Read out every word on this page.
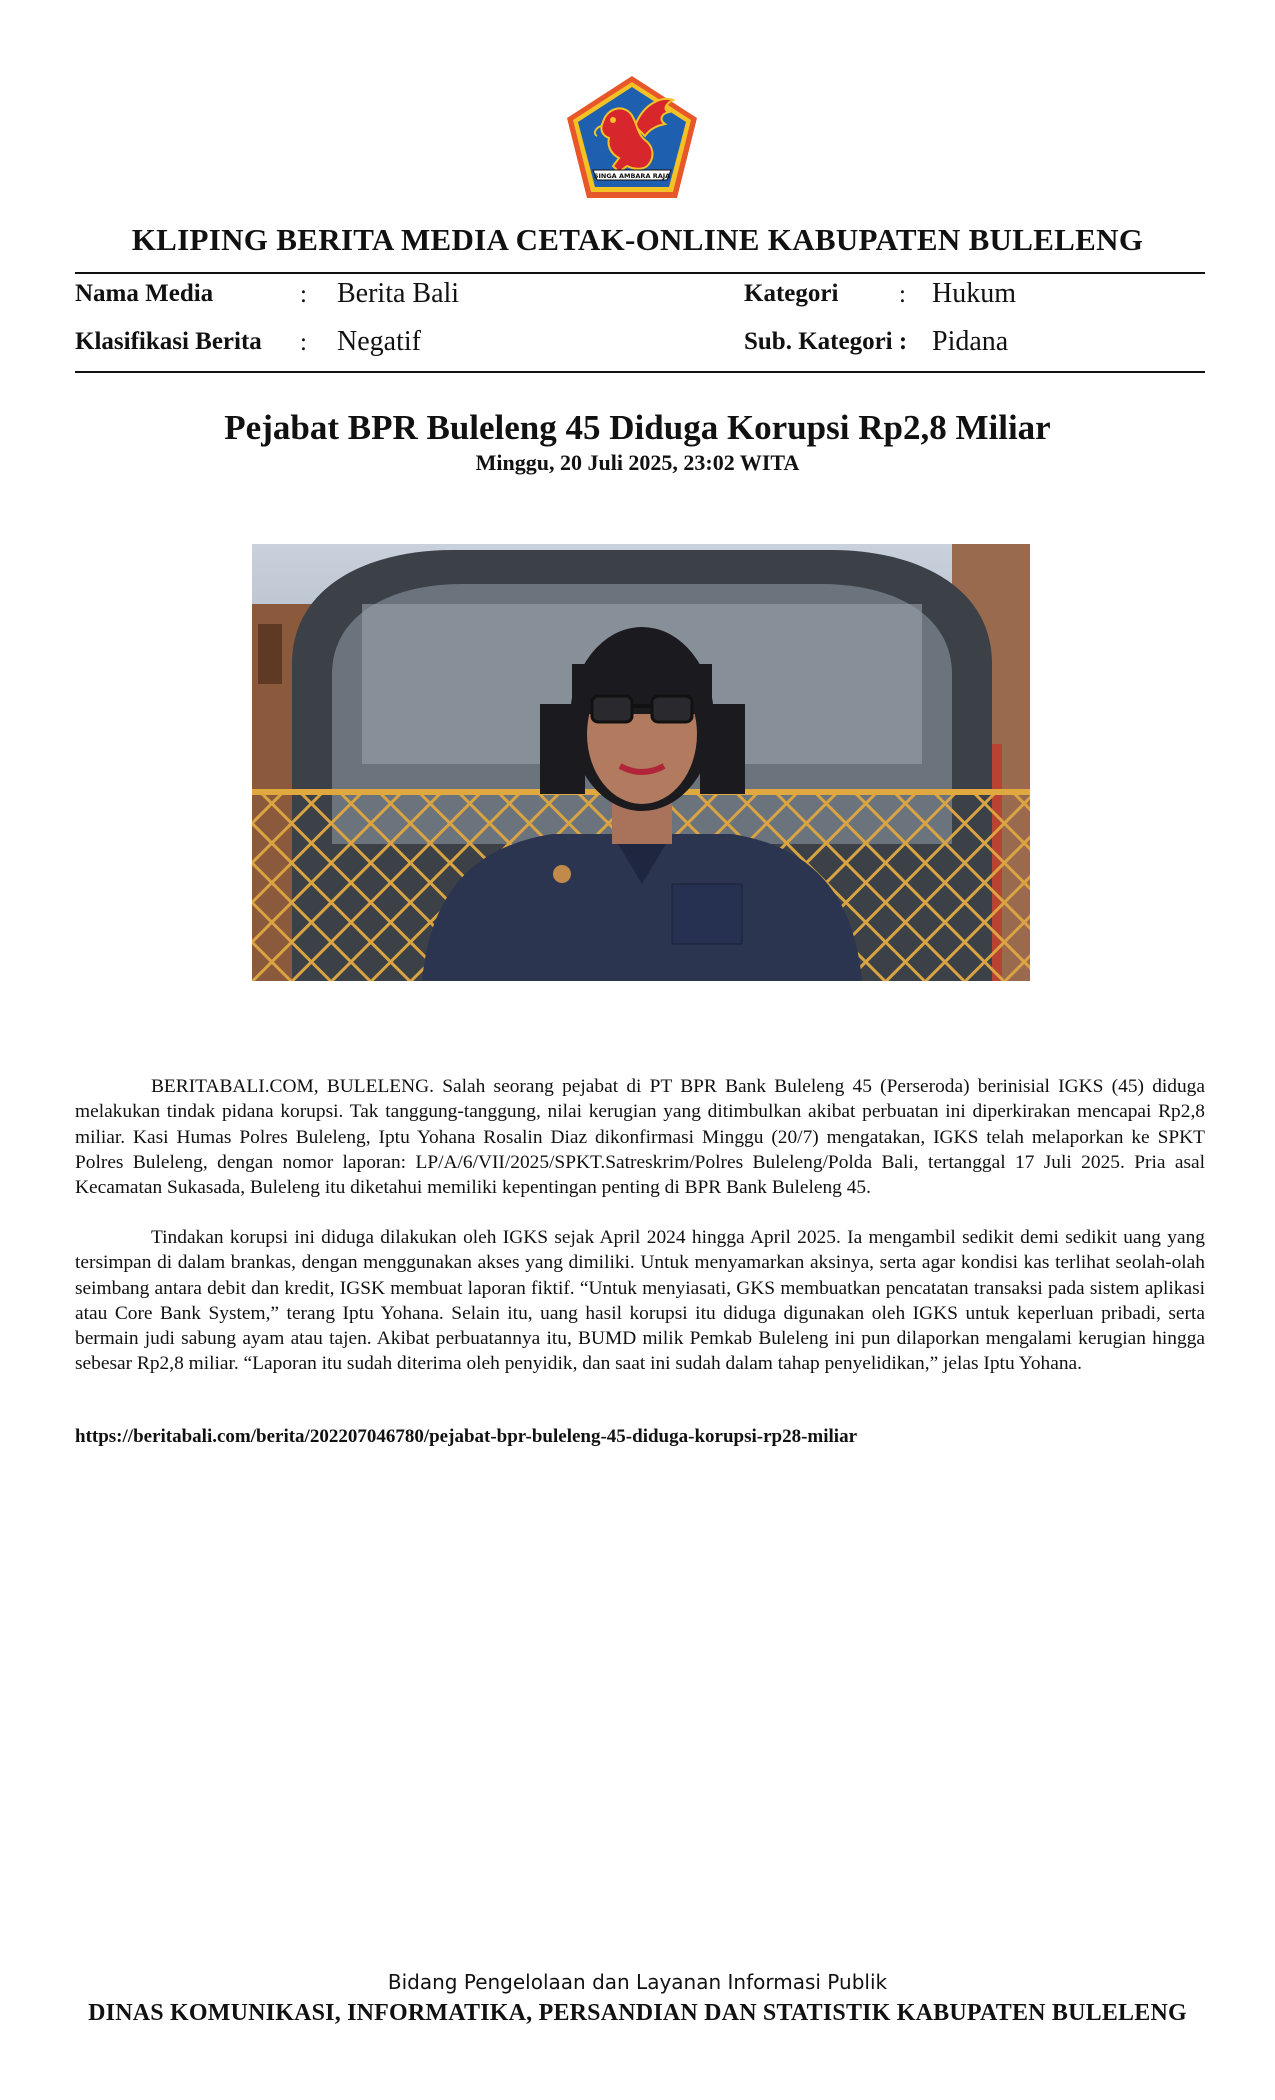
SINGA AMBARA RAJA
KLIPING BERITA MEDIA CETAK-ONLINE KABUPATEN BULELENG
Nama Media	: Berita Bali
Klasifikasi Berita : Negatif
Kategori : Hukum
Sub. Kategori : Pidana
Pejabat BPR Buleleng 45 Diduga Korupsi Rp2,8 Miliar
Minggu, 20 Juli 2025, 23:02 WITA
BERITABALI.COM, BULELENG. Salah seorang pejabat di PT BPR Bank Buleleng 45 (Perseroda) berinisial IGKS (45) diduga melakukan tindak pidana korupsi. Tak tanggung-tanggung, nilai kerugian yang ditimbulkan akibat perbuatan ini diperkirakan mencapai Rp2,8 miliar. Kasi Humas Polres Buleleng, Iptu Yohana Rosalin Diaz dikonfirmasi Minggu (20/7) mengatakan, IGKS telah melaporkan ke SPKT Polres Buleleng, dengan nomor laporan: LP/A/6/VII/2025/SPKT.Satreskrim/Polres Buleleng/Polda Bali, tertanggal 17 Juli 2025. Pria asal Kecamatan Sukasada, Buleleng itu diketahui memiliki kepentingan penting di BPR Bank Buleleng 45.
Tindakan korupsi ini diduga dilakukan oleh IGKS sejak April 2024 hingga April 2025. Ia mengambil sedikit demi sedikit uang yang tersimpan di dalam brankas, dengan menggunakan akses yang dimiliki. Untuk menyamarkan aksinya, serta agar kondisi kas terlihat seolah-olah seimbang antara debit dan kredit, IGSK membuat laporan fiktif. “Untuk menyiasati, GKS membuatkan pencatatan transaksi pada sistem aplikasi atau Core Bank System,” terang Iptu Yohana. Selain itu, uang hasil korupsi itu diduga digunakan oleh IGKS untuk keperluan pribadi, serta bermain judi sabung ayam atau tajen. Akibat perbuatannya itu, BUMD milik Pemkab Buleleng ini pun dilaporkan mengalami kerugian hingga sebesar Rp2,8 miliar. “Laporan itu sudah diterima oleh penyidik, dan saat ini sudah dalam tahap penyelidikan,” jelas Iptu Yohana.
https://beritabali.com/berita/202207046780/pejabat-bpr-buleleng-45-diduga-korupsi-rp28-miliar
Bidang Pengelolaan dan Layanan Informasi Publik
DINAS KOMUNIKASI, INFORMATIKA, PERSANDIAN DAN STATISTIK KABUPATEN BULELENG
